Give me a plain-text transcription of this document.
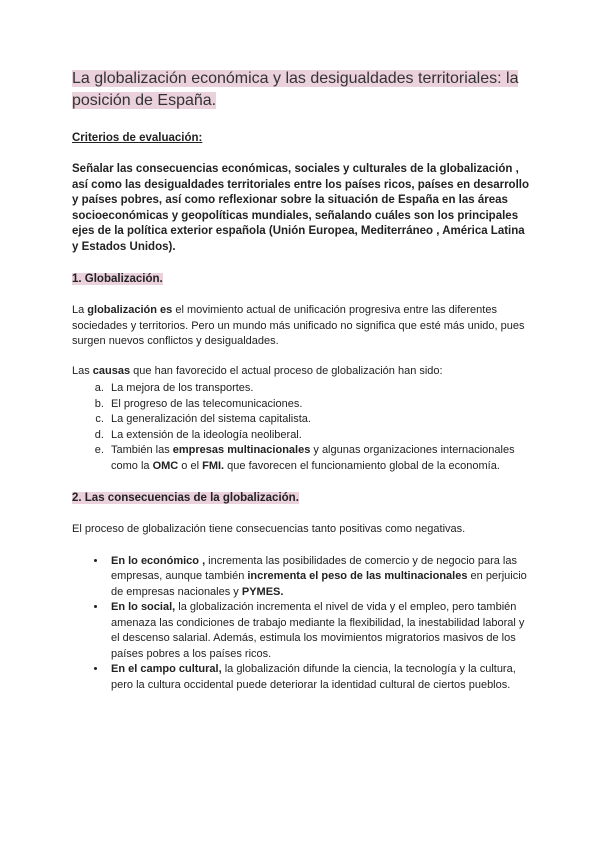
La globalización económica y las desigualdades territoriales: la posición de España.
Criterios de evaluación:
Señalar las consecuencias económicas, sociales y culturales de la globalización , así como las desigualdades territoriales entre los países ricos, países en desarrollo y países pobres, así como reflexionar sobre la situación de España en las áreas socioeconómicas y geopolíticas mundiales, señalando cuáles son los principales ejes de la política exterior española (Unión Europea, Mediterráneo , América Latina y Estados Unidos).
1. Globalización.

La globalización es el movimiento actual de unificación progresiva entre las diferentes sociedades y territorios. Pero un mundo más unificado no significa que esté más unido, pues surgen nuevos conflictos y desigualdades.

Las causas que han favorecido el actual proceso de globalización han sido:

a. La mejora de los transportes.
b. El progreso de las telecomunicaciones.
c. La generalización del sistema capitalista.
d. La extensión de la ideología neoliberal.
e. También las empresas multinacionales y algunas organizaciones internacionales como la OMC o el FMI. que favorecen el funcionamiento global de la economía.
2. Las consecuencias de la globalización.

El proceso de globalización tiene consecuencias tanto positivas como negativas.

• En lo económico , incrementa las posibilidades de comercio y de negocio para las empresas, aunque también incrementa el peso de las multinacionales en perjuicio de empresas nacionales y PYMES.
• En lo social, la globalización incrementa el nivel de vida y el empleo, pero también amenaza las condiciones de trabajo mediante la flexibilidad, la inestabilidad laboral y el descenso salarial. Además, estimula los movimientos migratorios masivos de los países pobres a los países ricos.
• En el campo cultural, la globalización difunde la ciencia, la tecnología y la cultura, pero la cultura occidental puede deteriorar la identidad cultural de ciertos pueblos.
